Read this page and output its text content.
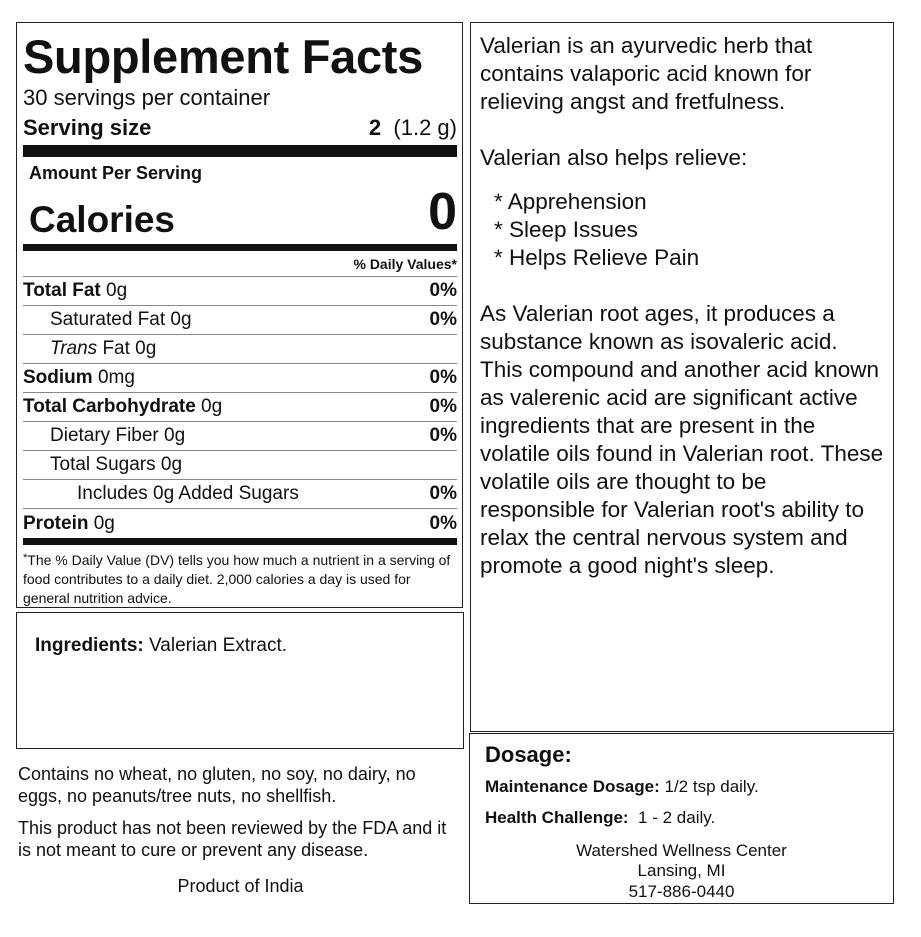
Supplement Facts
30 servings per container
Serving size	2 (1.2 g)
Amount Per Serving
Calories	0
% Daily Values*
Total Fat 0g	0%
Saturated Fat 0g	0%
Trans Fat 0g
Sodium 0mg	0%
Total Carbohydrate 0g	0%
Dietary Fiber 0g	0%
Total Sugars 0g
Includes 0g Added Sugars	0%
Protein 0g	0%
*The % Daily Value (DV) tells you how much a nutrient in a serving of food contributes to a daily diet. 2,000 calories a day is used for general nutrition advice.
Ingredients: Valerian Extract.

Contains no wheat, no gluten, no soy, no dairy, no eggs, no peanuts/tree nuts, no shellfish.

This product has not been reviewed by the FDA and it is not meant to cure or prevent any disease.

Product of India

Valerian is an ayurvedic herb that contains valaporic acid known for relieving angst and fretfulness.

Valerian also helps relieve:

* Apprehension
* Sleep Issues
* Helps Relieve Pain

As Valerian root ages, it produces a substance known as isovaleric acid. This compound and another acid known as valerenic acid are significant active ingredients that are present in the volatile oils found in Valerian root. These volatile oils are thought to be responsible for Valerian root's ability to relax the central nervous system and promote a good night's sleep.

Dosage:
Maintenance Dosage: 1/2 tsp daily.
Health Challenge:  1 - 2 daily.
Watershed Wellness Center
Lansing, MI
517-886-0440
